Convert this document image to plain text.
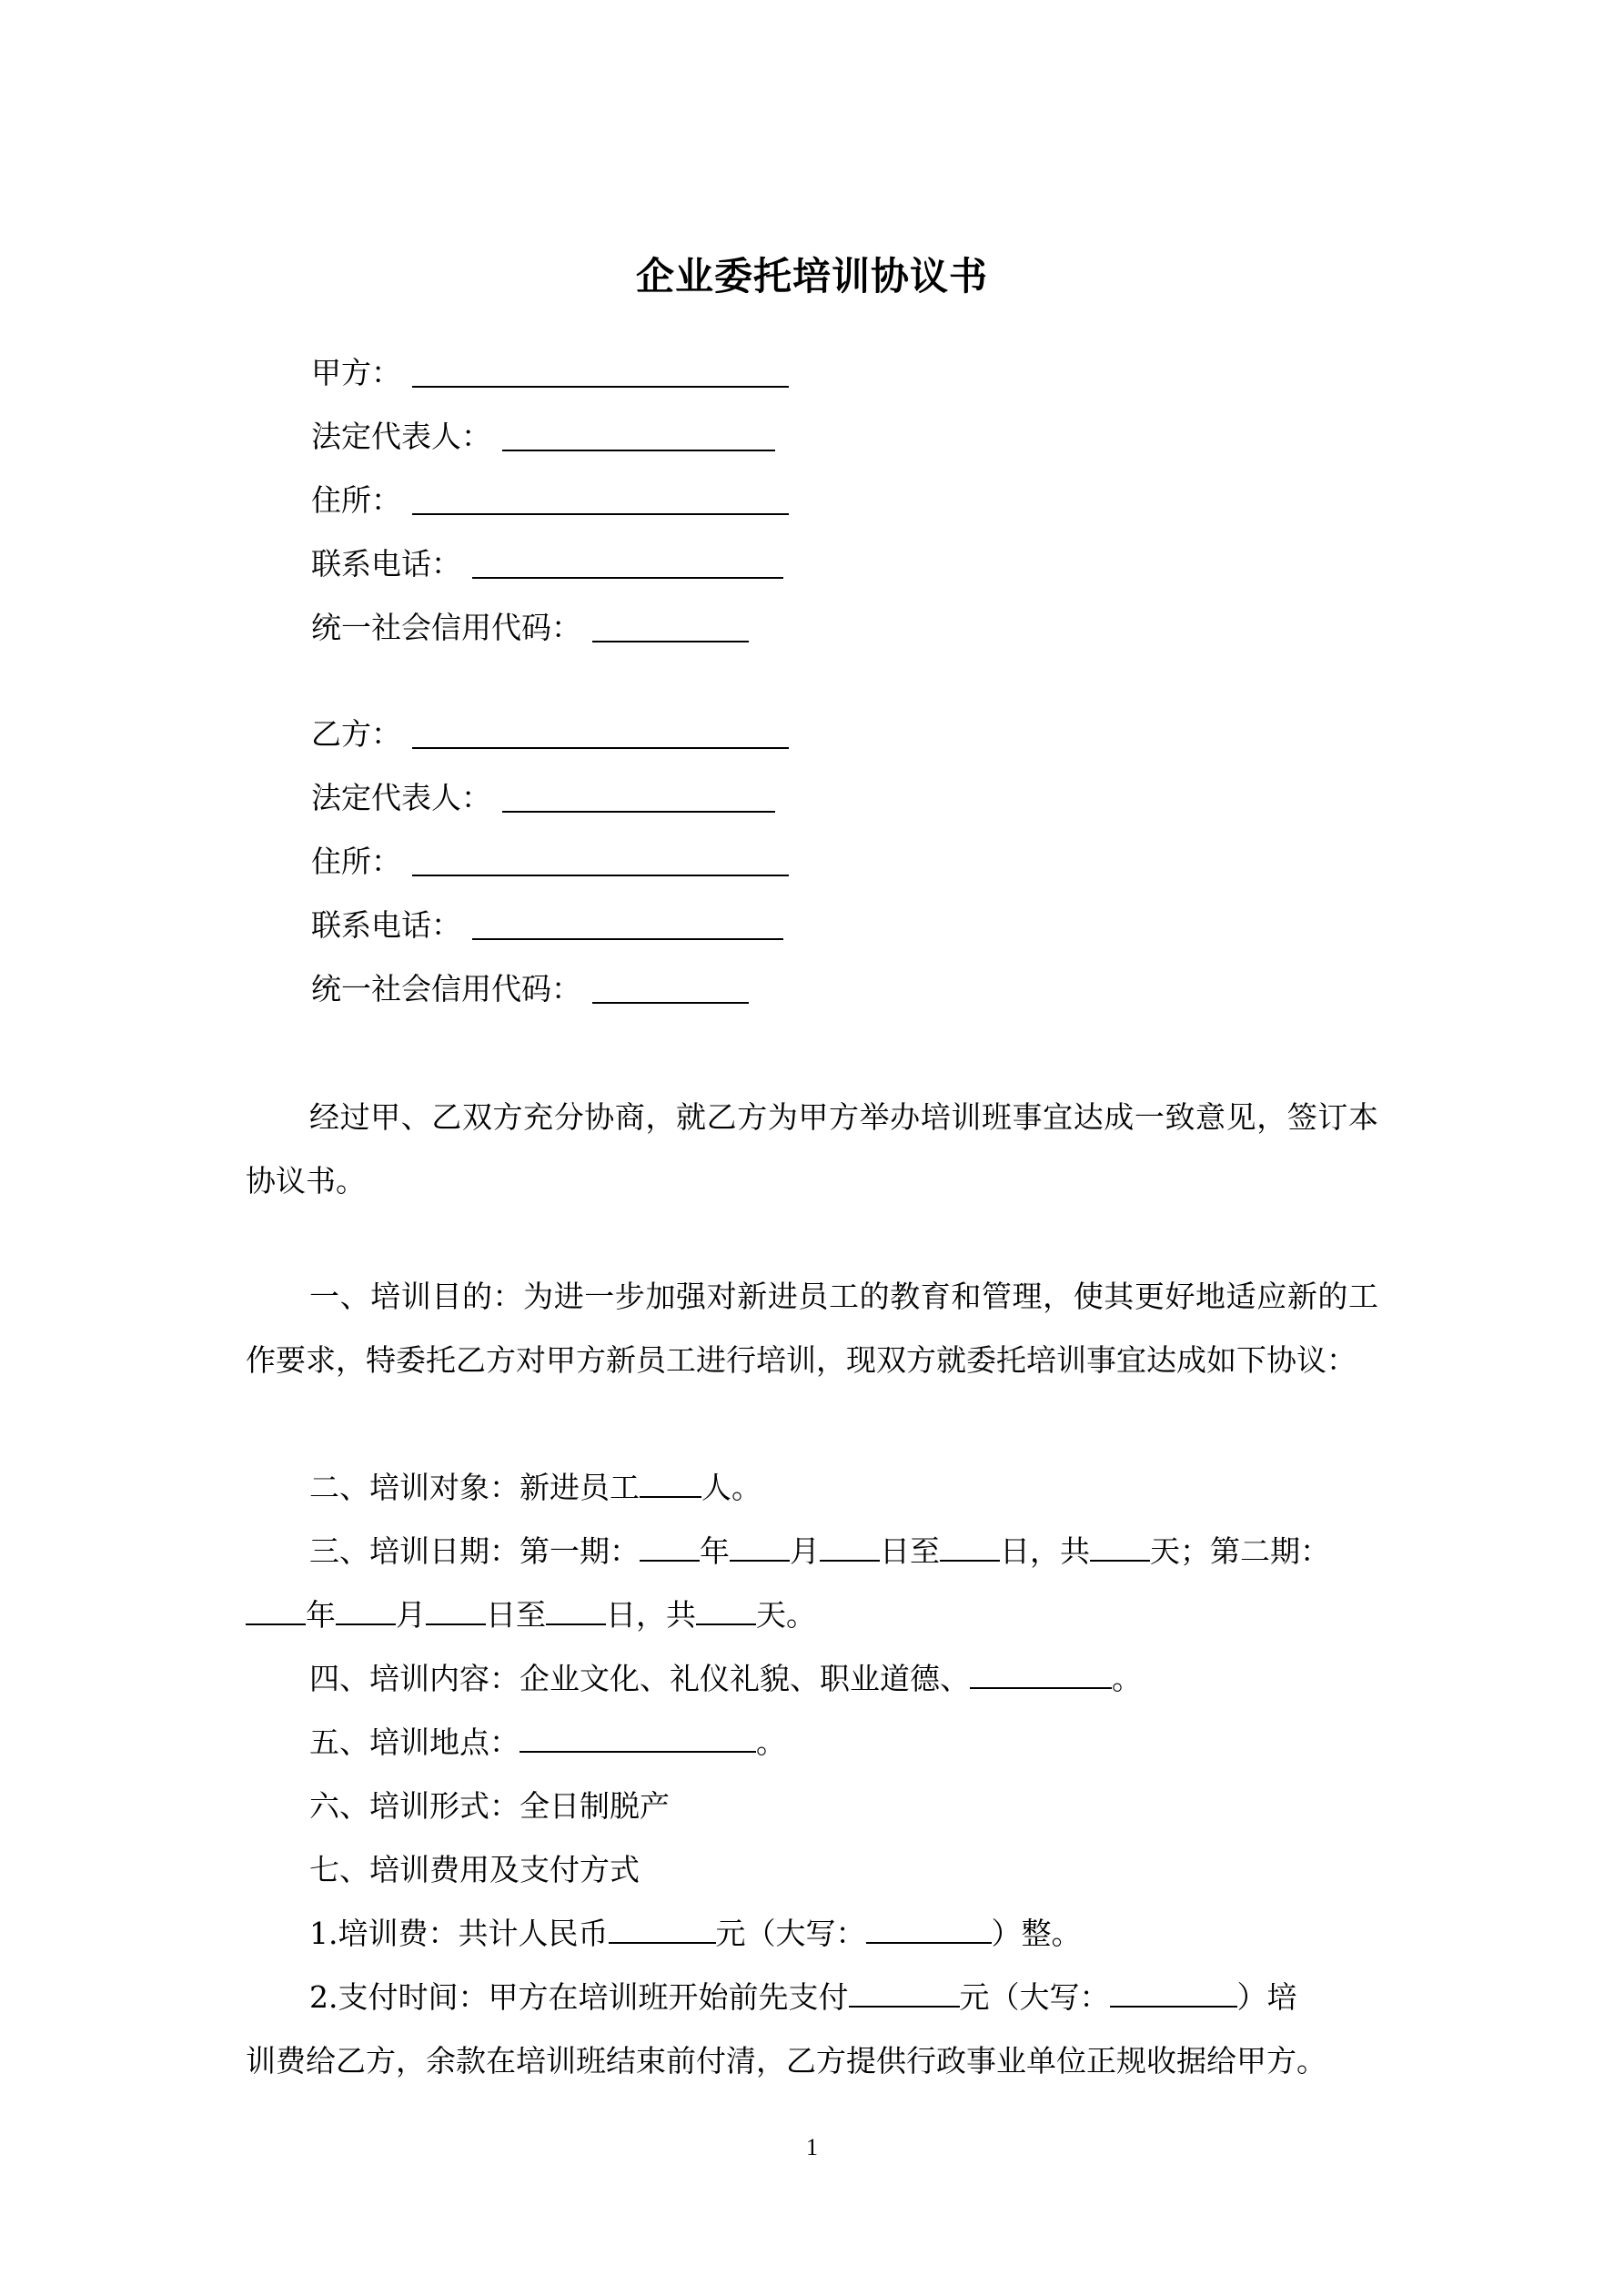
企业委托培训协议书
甲方：
法定代表人：
住所：
联系电话：
统一社会信用代码：
乙方：
法定代表人：
住所：
联系电话：
统一社会信用代码：
经过甲、乙双方充分协商，就乙方为甲方举办培训班事宜达成一致意见，签订本协议书。
一、培训目的：为进一步加强对新进员工的教育和管理，使其更好地适应新的工作要求，特委托乙方对甲方新员工进行培训，现双方就委托培训事宜达成如下协议：
二、培训对象：新进员工 人。
三、培训日期：第一期： 年 月 日至 日，共 天；第二期：
年 月 日至 日，共 天。
四、培训内容：企业文化、礼仪礼貌、职业道德、	。
五、培训地点：	。
六、培训形式：全日制脱产
七、培训费用及支付方式
1.培训费：共计人民币	元（大写：	）整。
2.支付时间：甲方在培训班开始前先支付	元（大写：	）培
训费给乙方，余款在培训班结束前付清，乙方提供行政事业单位正规收据给甲方。
1
